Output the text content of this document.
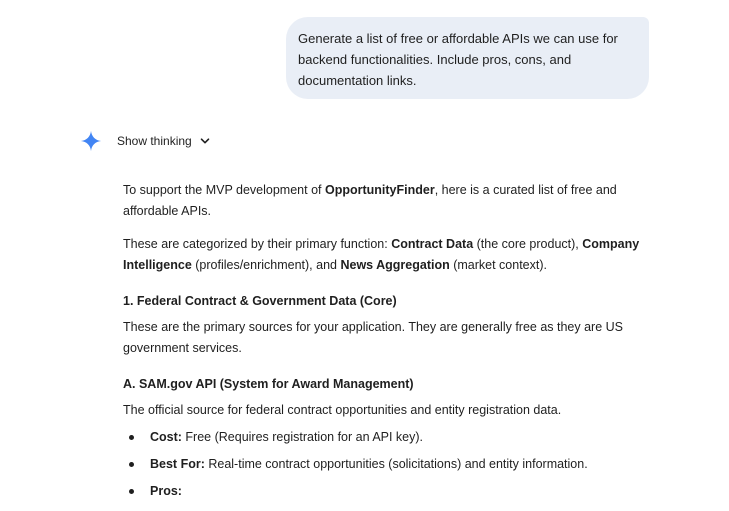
Generate a list of free or affordable APIs we can use for
backend functionalities. Include pros, cons, and
documentation links.
Show thinking

To support the MVP development of OpportunityFinder, here is a curated list of free and affordable APIs.

These are categorized by their primary function: Contract Data (the core product), Company Intelligence (profiles/enrichment), and News Aggregation (market context).

1. Federal Contract & Government Data (Core)

These are the primary sources for your application. They are generally free as they are US government services.

A. SAM.gov API (System for Award Management)

The official source for federal contract opportunities and entity registration data.

Cost: Free (Requires registration for an API key).
Best For: Real-time contract opportunities (solicitations) and entity information.
Pros:
